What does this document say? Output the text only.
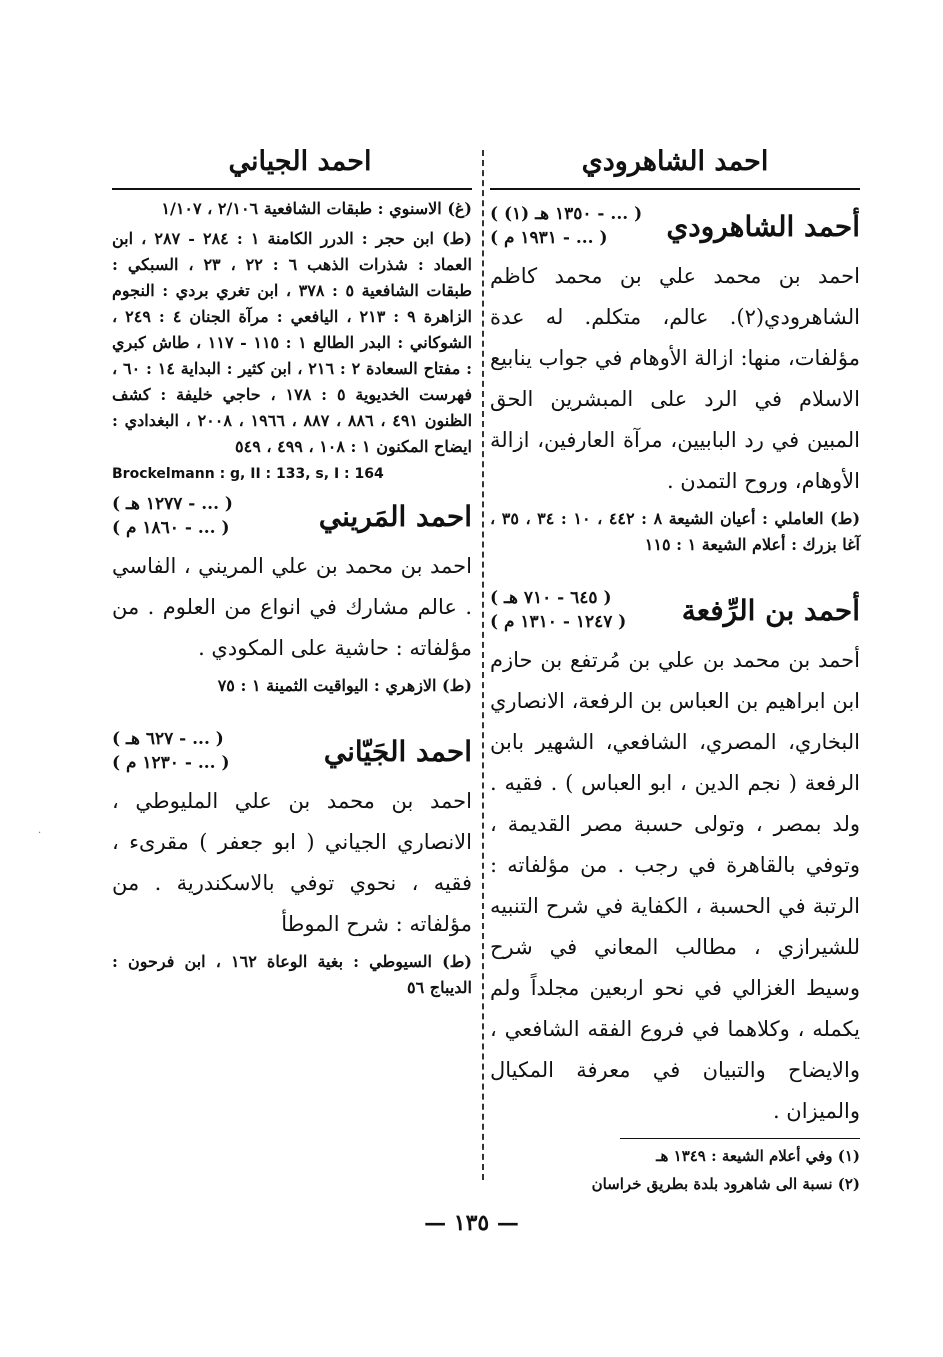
احمد الشاهرودي
احمد الجياني
أحمد الشاهرودي
( ... - ١٣٥٠ هـ (١) )
( ... - ١٩٣١ م )

احمد بن محمد علي بن محمد كاظم الشاهرودي(٢). عالم، متكلم. له عدة مؤلفات، منها: ازالة الأوهام في جواب ينابيع الاسلام في الرد على المبشرين الحق المبين في رد البابيين، مرآة العارفين، ازالة الأوهام، وروح التمدن .

(ط) العاملي : أعيان الشيعة ٨ : ٤٤٢ ، ١٠ : ٣٤ ، ٣٥ ، آغا بزرك : أعلام الشيعة ١ : ١١٥

أحمد بن الرِّفعة
( ٦٤٥ - ٧١٠ هـ )
( ١٢٤٧ - ١٣١٠ م )

أحمد بن محمد بن علي بن مُرتفع بن حازم ابن ابراهيم بن العباس بن الرفعة، الانصاري البخاري، المصري، الشافعي، الشهير بابن الرفعة ( نجم الدين ، ابو العباس ) . فقيه . ولد بمصر ، وتولى حسبة مصر القديمة ، وتوفي بالقاهرة في رجب . من مؤلفاته : الرتبة في الحسبة ، الكفاية في شرح التنبيه للشيرازي ، مطالب المعاني في شرح وسيط الغزالي في نحو اربعين مجلداً ولم يكمله ، وكلاهما في فروع الفقه الشافعي ، والايضاح والتبيان في معرفة المكيال والميزان .

(غ) الاسنوي : طبقات الشافعية ٢/١٠٦ ، ١/١٠٧

(ط) ابن حجر : الدرر الكامنة ١ : ٢٨٤ - ٢٨٧ ، ابن العماد : شذرات الذهب ٦ : ٢٢ ، ٢٣ ، السبكي : طبقات الشافعية ٥ : ٣٧٨ ، ابن تغري بردي : النجوم الزاهرة ٩ : ٢١٣ ، اليافعي : مرآة الجنان ٤ : ٢٤٩ ، الشوكاني : البدر الطالع ١ : ١١٥ - ١١٧ ، طاش كبري : مفتاح السعادة ٢ : ٢١٦ ، ابن كثير : البداية ١٤ : ٦٠ ، فهرست الخديوية ٥ : ١٧٨ ، حاجي خليفة : كشف الظنون ٤٩١ ، ٨٨٦ ، ٨٨٧ ، ١٩٦٦ ، ٢٠٠٨ ، البغدادي : ايضاح المكنون ١ : ١٠٨ ، ٤٩٩ ، ٥٤٩

Brockelmann : g, II : 133, s, I : 164

احمد المَريني
( ... - ١٢٧٧ هـ )
( ... - ١٨٦٠ م )

احمد بن محمد بن علي المريني ، الفاسي . عالم مشارك في انواع من العلوم . من مؤلفاته : حاشية على المكودي .

(ط) الازهري : اليواقيت الثمينة ١ : ٧٥

احمد الجَيّاني
( ... - ٦٢٧ هـ )
( ... - ١٢٣٠ م )

احمد بن محمد بن علي المليوطي ، الانصاري الجياني ( ابو جعفر ) مقرىء ، فقيه ، نحوي توفي بالاسكندرية . من مؤلفاته : شرح الموطأ

(ط) السيوطي : بغية الوعاة ١٦٢ ، ابن فرحون : الديباج ٥٦

(١) وفي أعلام الشيعة : ١٣٤٩ هـ
(٢) نسبة الى شاهرود بلدة بطريق خراسان
— ١٣٥ —
·
